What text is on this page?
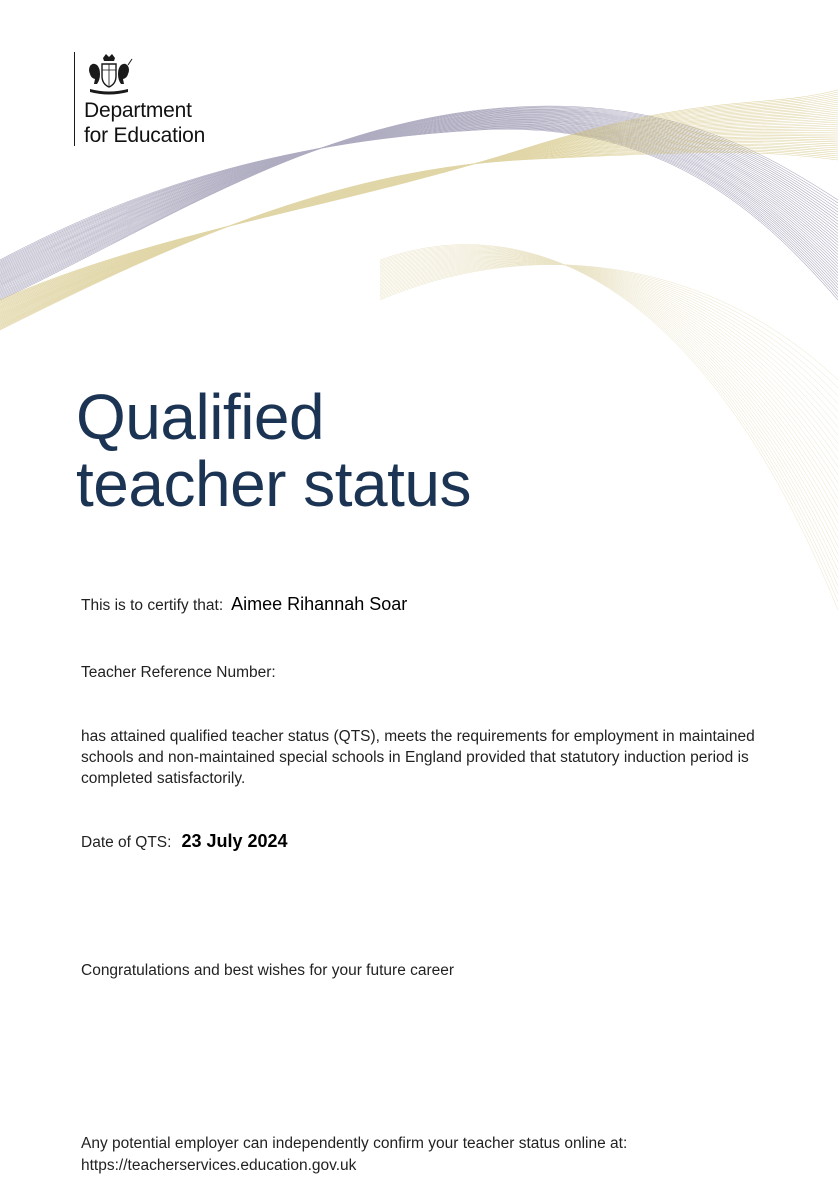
Department
for Education
Qualified
teacher status
This is to certify that: Aimee Rihannah Soar
Teacher Reference Number:
has attained qualified teacher status (QTS), meets the requirements for employment in maintained schools and non-maintained special schools in England provided that statutory induction period is completed satisfactorily.
Date of QTS: 23 July 2024
Congratulations and best wishes for your future career
Any potential employer can independently confirm your teacher status online at:
https://teacherservices.education.gov.uk
